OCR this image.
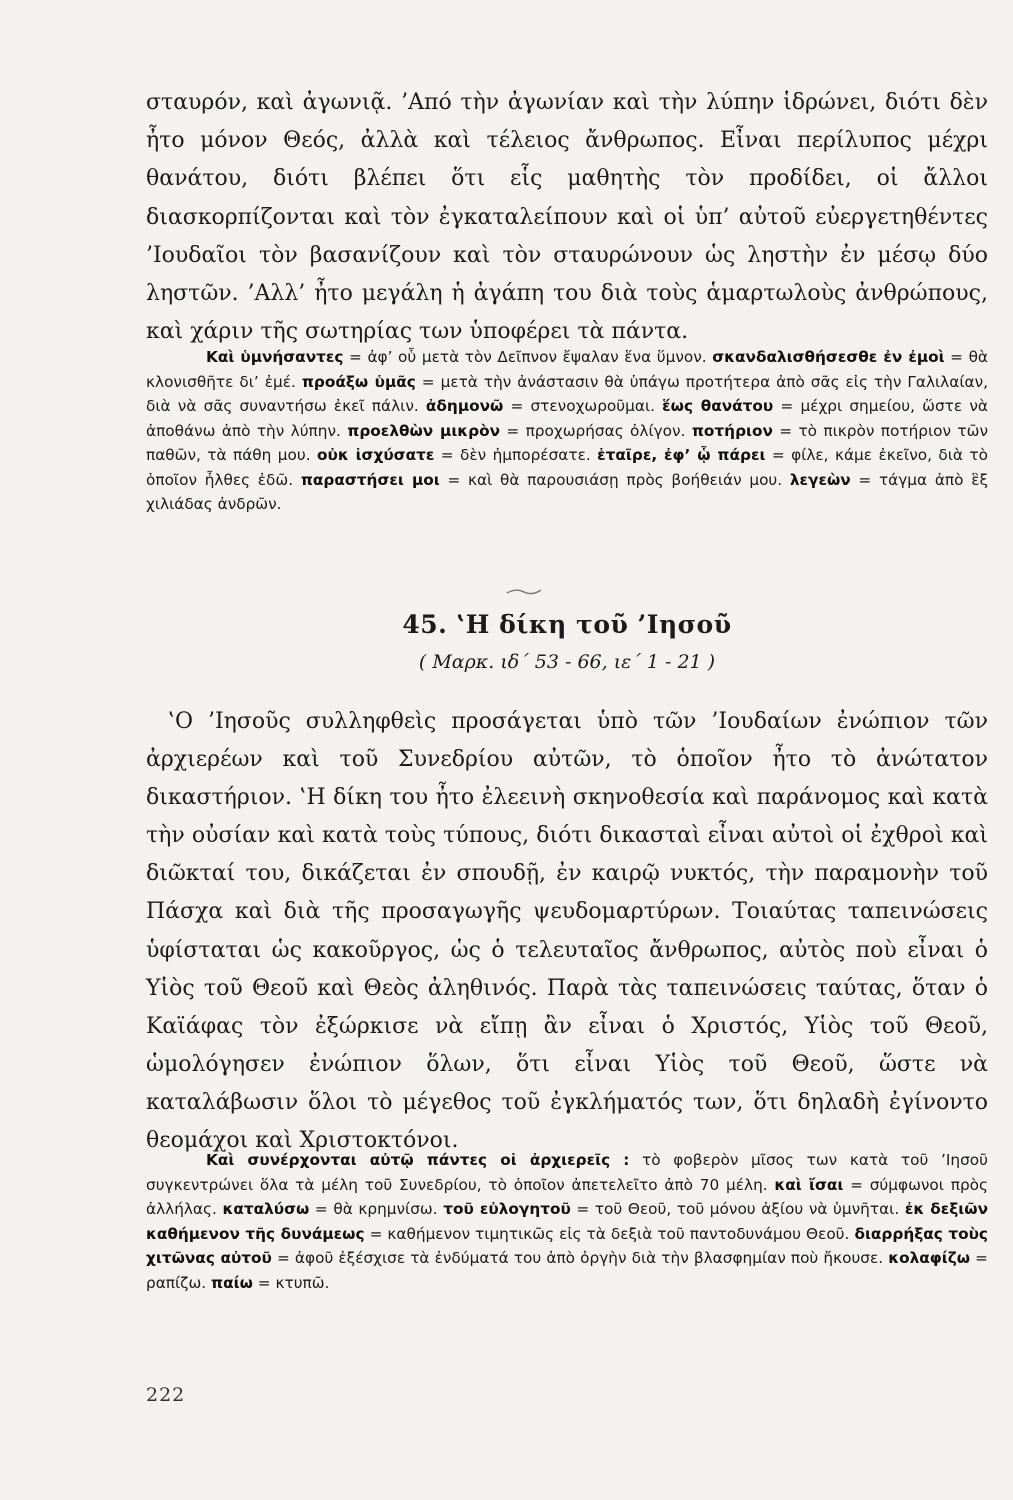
σταυρόν, καὶ ἀγωνιᾷ. ’Από τὴν ἀγωνίαν καὶ τὴν λύπην ἱδρώνει, διότι δὲν ἦτο μόνον Θεός, ἀλλὰ καὶ τέλειος ἄνθρωπος. Εἶναι περίλυπος μέχρι θανάτου, διότι βλέπει ὅτι εἷς μαθητὴς τὸν προδίδει, οἱ ἄλλοι διασκορπίζονται καὶ τὸν ἐγκαταλείπουν καὶ οἱ ὑπ’ αὐτοῦ εὐεργετηθέντες ’Ιουδαῖοι τὸν βασανίζουν καὶ τὸν σταυρώνουν ὡς ληστὴν ἐν μέσῳ δύο ληστῶν. ’Αλλ’ ἦτο μεγάλη ἡ ἀγάπη του διὰ τοὺς ἁμαρτωλοὺς ἀνθρώπους, καὶ χάριν τῆς σωτηρίας των ὑποφέρει τὰ πάντα.

Καὶ ὑμνήσαντες = ἀφ’ οὗ μετὰ τὸν Δεῖπνον ἔψαλαν ἕνα ὕμνον. σκανδαλισθήσεσθε ἐν ἐμοὶ = θὰ κλονισθῆτε δι’ ἐμέ. προάξω ὑμᾶς = μετὰ τὴν ἀνάστασιν θὰ ὑπάγω προτήτερα ἀπὸ σᾶς εἰς τὴν Γαλιλαίαν, διὰ νὰ σᾶς συναντήσω ἐκεῖ πάλιν. ἀδημονῶ = στενοχωροῦμαι. ἕως θανάτου = μέχρι σημείου, ὥστε νὰ ἀποθάνω ἀπὸ τὴν λύπην. προελθὼν μικρὸν = προχωρήσας ὀλίγον. ποτήριον = τὸ πικρὸν ποτήριον τῶν παθῶν, τὰ πάθη μου. οὐκ ἰσχύσατε = δὲν ἠμπορέσατε. ἑταῖρε, ἐφ’ ᾧ πάρει = φίλε, κάμε ἐκεῖνο, διὰ τὸ ὁποῖον ἦλθες ἐδῶ. παραστήσει μοι = καὶ θὰ παρουσιάσῃ πρὸς βοήθειάν μου. λεγεὼν = τάγμα ἀπὸ ἓξ χιλιάδας ἀνδρῶν.

45. ‛Η δίκη τοῦ ’Ιησοῦ
( Μαρκ. ιδ΄ 53 - 66, ιε΄ 1 - 21 )

‛Ο ’Ιησοῦς συλληφθεὶς προσάγεται ὑπὸ τῶν ’Ιουδαίων ἐνώπιον τῶν ἀρχιερέων καὶ τοῦ Συνεδρίου αὐτῶν, τὸ ὁποῖον ἦτο τὸ ἀνώτατον δικαστήριον. ‛Η δίκη του ἦτο ἐλεεινὴ σκηνοθεσία καὶ παράνομος καὶ κατὰ τὴν οὐσίαν καὶ κατὰ τοὺς τύπους, διότι δικασταὶ εἶναι αὐτοὶ οἱ ἐχθροὶ καὶ διῶκταί του, δικάζεται ἐν σπουδῇ, ἐν καιρῷ νυκτός, τὴν παραμονὴν τοῦ Πάσχα καὶ διὰ τῆς προσαγωγῆς ψευδομαρτύρων. Τοιαύτας ταπεινώσεις ὑφίσταται ὡς κακοῦργος, ὡς ὁ τελευταῖος ἄνθρωπος, αὐτὸς ποὺ εἶναι ὁ Υἱὸς τοῦ Θεοῦ καὶ Θεὸς ἀληθινός. Παρὰ τὰς ταπεινώσεις ταύτας, ὅταν ὁ Καϊάφας τὸν ἐξώρκισε νὰ εἴπῃ ἂν εἶναι ὁ Χριστός, Υἱὸς τοῦ Θεοῦ, ὡμολόγησεν ἐνώπιον ὅλων, ὅτι εἶναι Υἱὸς τοῦ Θεοῦ, ὥστε νὰ καταλάβωσιν ὅλοι τὸ μέγεθος τοῦ ἐγκλήματός των, ὅτι δηλαδὴ ἐγίνοντο θεομάχοι καὶ Χριστοκτόνοι.

Καὶ συνέρχονται αὐτῷ πάντες οἱ ἀρχιερεῖς : τὸ φοβερὸν μῖσος των κατὰ τοῦ ’Ιησοῦ συγκεντρώνει ὅλα τὰ μέλη τοῦ Συνεδρίου, τὸ ὁποῖον ἀπετελεῖτο ἀπὸ 70 μέλη. καὶ ἴσαι = σύμφωνοι πρὸς ἀλλήλας. καταλύσω = θὰ κρημνίσω. τοῦ εὐλογητοῦ = τοῦ Θεοῦ, τοῦ μόνου ἀξίου νὰ ὑμνῆται. ἐκ δεξιῶν καθήμενον τῆς δυνάμεως = καθήμενον τιμητικῶς εἰς τὰ δεξιὰ τοῦ παντοδυνάμου Θεοῦ. διαρρήξας τοὺς χιτῶνας αὐτοῦ = ἀφοῦ ἐξέσχισε τὰ ἐνδύματά του ἀπὸ ὀργὴν διὰ τὴν βλασφημίαν ποὺ ἤκουσε. κολαφίζω = ραπίζω. παίω = κτυπῶ.

222
